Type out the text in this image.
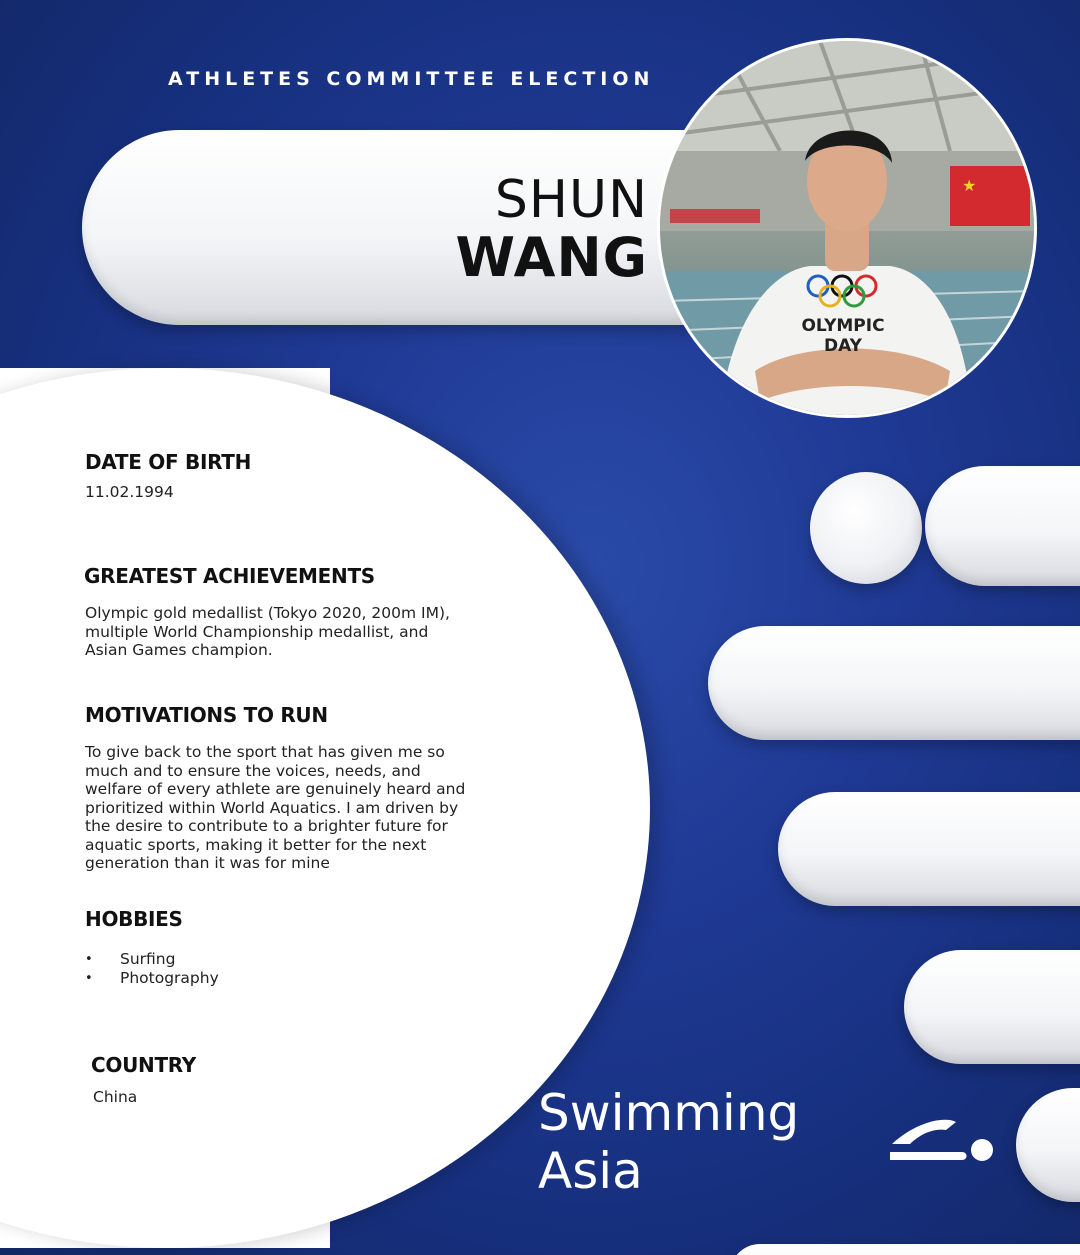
ATHLETES COMMITTEE ELECTION
SHUN
WANG
★
OLYMPIC
DAY
DATE OF BIRTH
11.02.1994
GREATEST ACHIEVEMENTS
Olympic gold medallist (Tokyo 2020, 200m IM),
multiple World Championship medallist, and
Asian Games champion.
MOTIVATIONS TO RUN
To give back to the sport that has given me so
much and to ensure the voices, needs, and
welfare of every athlete are genuinely heard and
prioritized within World Aquatics. I am driven by
the desire to contribute to a brighter future for
aquatic sports, making it better for the next
generation than it was for mine
HOBBIES
• Surfing
• Photography
COUNTRY
China	Swimming
Asia
